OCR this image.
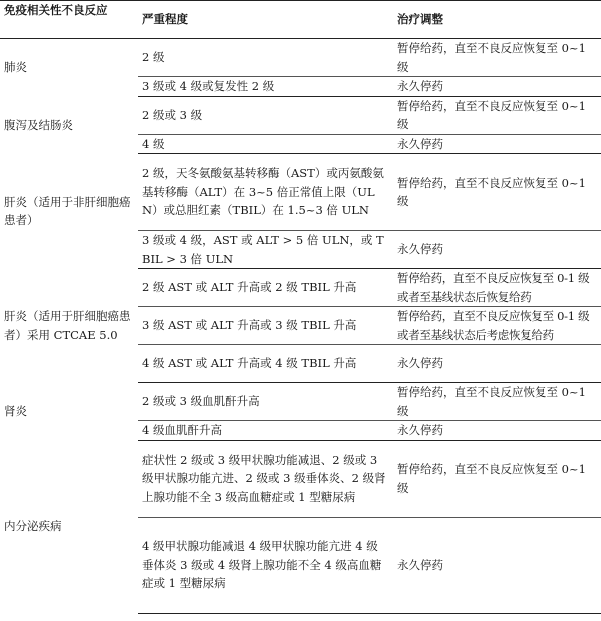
免疫相关性不良反应	严重程度	治疗调整
肺炎	2 级	暂停给药，直至不良反应恢复至 0~1 级
	3 级或 4 级或复发性 2 级	永久停药
腹泻及结肠炎	2 级或 3 级	暂停给药，直至不良反应恢复至 0~1 级
	4 级	永久停药
肝炎（适用于非肝细胞癌患者）	2 级，天冬氨酸氨基转移酶（AST）或丙氨酸氨基转移酶（ALT）在 3~5 倍正常值上限（ULN）或总胆红素（TBIL）在 1.5~3 倍 ULN	暂停给药，直至不良反应恢复至 0~1 级
	3 级或 4 级，AST 或 ALT > 5 倍 ULN，或 TBIL > 3 倍 ULN	永久停药
肝炎（适用于肝细胞癌患者）采用 CTCAE 5.0	2 级 AST 或 ALT 升高或 2 级 TBIL 升高	暂停给药，直至不良反应恢复至 0-1 级或者至基线状态后恢复给药
	3 级 AST 或 ALT 升高或 3 级 TBIL 升高	暂停给药，直至不良反应恢复至 0-1 级或者至基线状态后考虑恢复给药
	4 级 AST 或 ALT 升高或 4 级 TBIL 升高	永久停药
肾炎	2 级或 3 级血肌酐升高	暂停给药，直至不良反应恢复至 0~1 级
	4 级血肌酐升高	永久停药
内分泌疾病	症状性 2 级或 3 级甲状腺功能减退、2 级或 3 级甲状腺功能亢进、2 级或 3 级垂体炎、2 级肾上腺功能不全 3 级高血糖症或 1 型糖尿病	暂停给药，直至不良反应恢复至 0~1 级
	4 级甲状腺功能减退 4 级甲状腺功能亢进 4 级垂体炎 3 级或 4 级肾上腺功能不全 4 级高血糖症或 1 型糖尿病	永久停药
